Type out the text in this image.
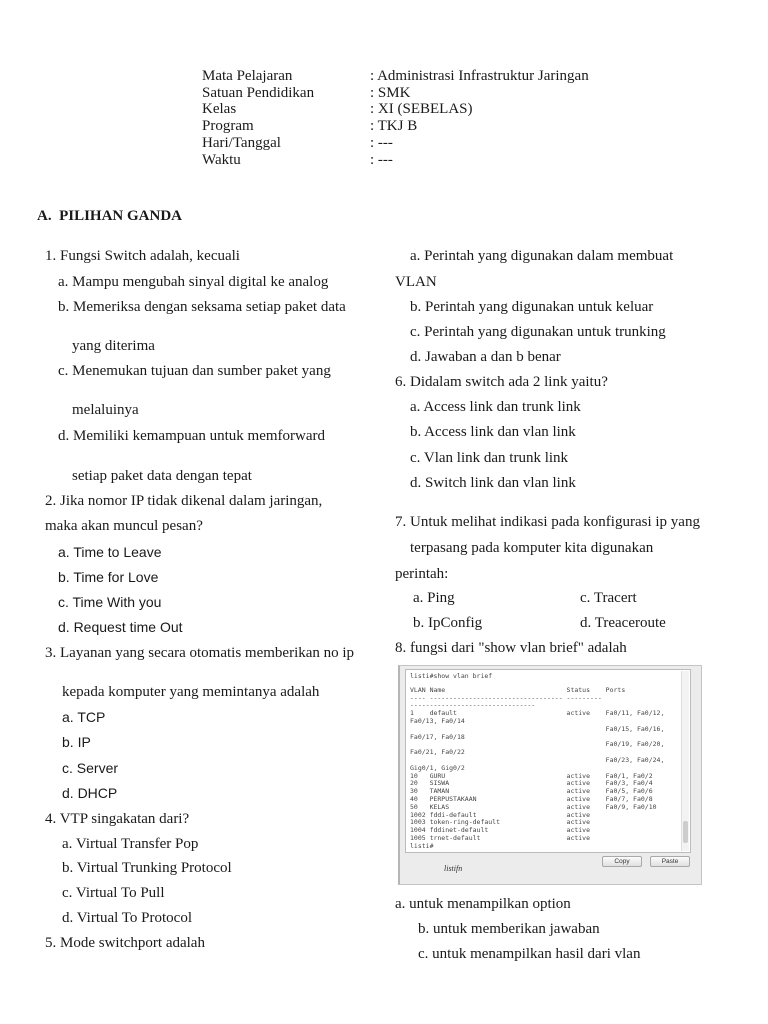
Mata Pelajaran	: Administrasi Infrastruktur Jaringan
Satuan Pendidikan	: SMK
Kelas	: XI (SEBELAS)
Program	: TKJ B
Hari/Tanggal	: ---
Waktu	: ---
A.  PILIHAN GANDA
1. Fungsi Switch adalah, kecuali
a. Mampu mengubah sinyal digital ke analog
b. Memeriksa dengan seksama setiap paket data
yang diterima
c. Menemukan tujuan dan sumber paket yang
melaluinya
d. Memiliki kemampuan untuk memforward
setiap paket data dengan tepat
2. Jika nomor IP tidak dikenal dalam jaringan,
maka akan muncul pesan?
a. Time to Leave
b. Time for Love
c. Time With you
d. Request time Out
3. Layanan yang secara otomatis memberikan no ip
kepada komputer yang memintanya adalah
a. TCP
b. IP
c. Server
d. DHCP
4. VTP singakatan dari?
a. Virtual Transfer Pop
b. Virtual Trunking Protocol
c. Virtual To Pull
d. Virtual To Protocol
5. Mode switchport adalah
a. Perintah yang digunakan dalam membuat
VLAN
b. Perintah yang digunakan untuk keluar
c. Perintah yang digunakan untuk trunking
d. Jawaban a dan b benar
6. Didalam switch ada 2 link yaitu?
a. Access link dan trunk link
b. Access link dan vlan link
c. Vlan link dan trunk link
d. Switch link dan vlan link
7. Untuk melihat indikasi pada konfigurasi ip yang
terpasang pada komputer kita digunakan
perintah:
a. Ping
b. IpConfig
c. Tracert
d. Treaceroute
8. fungsi dari "show vlan brief" adalah
listi#show vlan brief
VLAN Name                               Status    Ports
---- ---------------------------------- ---------
--------------------------------
1    default                            active    Fa0/11, Fa0/12,
Fa0/13, Fa0/14
Fa0/15, Fa0/16,
Fa0/17, Fa0/18
Fa0/19, Fa0/20,
Fa0/21, Fa0/22
Fa0/23, Fa0/24,
Gig0/1, Gig0/2
10   GURU                               active    Fa0/1, Fa0/2
20   SISWA                              active    Fa0/3, Fa0/4
30   TAMAN                              active    Fa0/5, Fa0/6
40   PERPUSTAKAAN                       active    Fa0/7, Fa0/8
50   KELAS                              active    Fa0/9, Fa0/10
1002 fddi-default                       active
1003 token-ring-default                 active
1004 fddinet-default                    active
1005 trnet-default                      active
listi#
listifn
Copy	Paste
a. untuk menampilkan option
b. untuk memberikan jawaban
c. untuk menampilkan hasil dari vlan
